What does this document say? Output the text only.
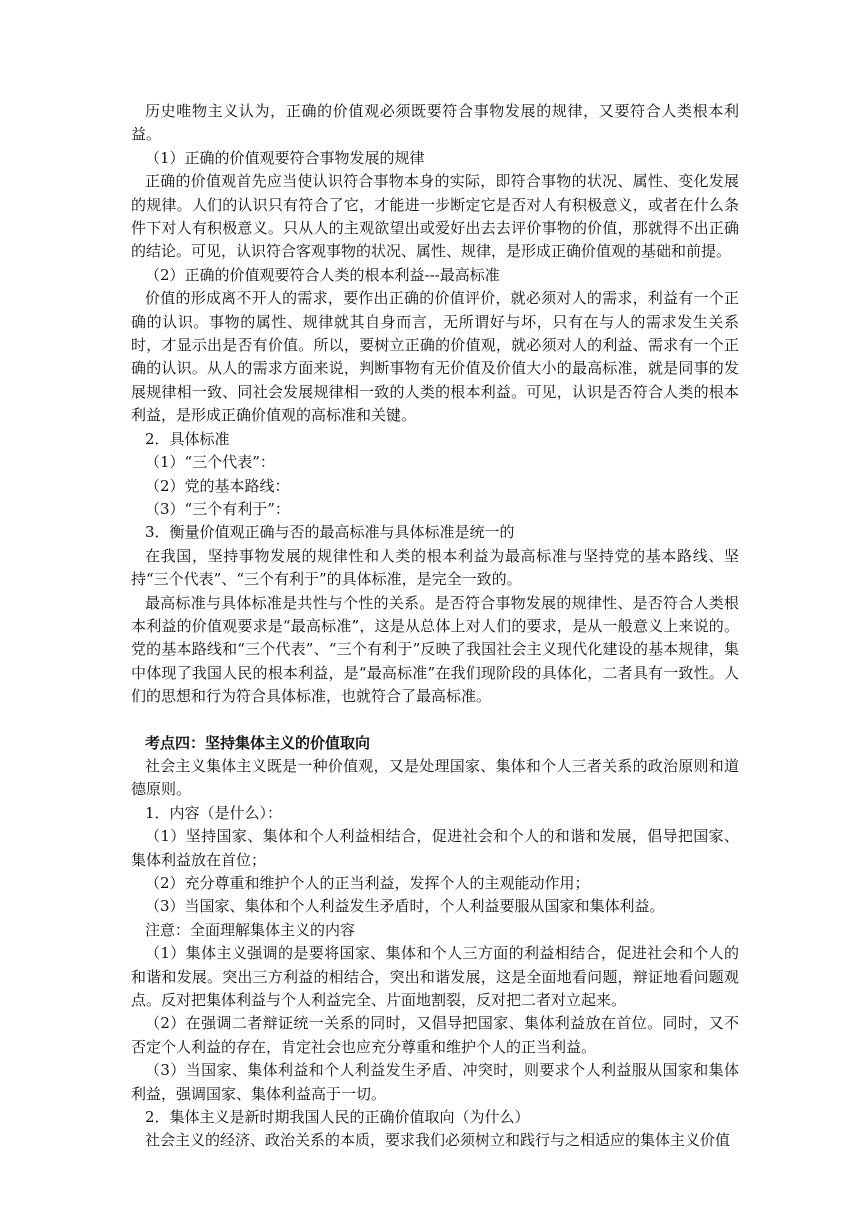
历史唯物主义认为，正确的价值观必须既要符合事物发展的规律，又要符合人类根本利益。

（1）正确的价值观要符合事物发展的规律

正确的价值观首先应当使认识符合事物本身的实际，即符合事物的状况、属性、变化发展的规律。人们的认识只有符合了它，才能进一步断定它是否对人有积极意义，或者在什么条件下对人有积极意义。只从人的主观欲望出或爱好出去去评价事物的价值，那就得不出正确的结论。可见，认识符合客观事物的状况、属性、规律，是形成正确价值观的基础和前提。

（2）正确的价值观要符合人类的根本利益---最高标准

价值的形成离不开人的需求，要作出正确的价值评价，就必须对人的需求，利益有一个正确的认识。事物的属性、规律就其自身而言，无所谓好与坏，只有在与人的需求发生关系时，才显示出是否有价值。所以，要树立正确的价值观，就必须对人的利益、需求有一个正确的认识。从人的需求方面来说，判断事物有无价值及价值大小的最高标准，就是同事的发展规律相一致、同社会发展规律相一致的人类的根本利益。可见，认识是否符合人类的根本利益，是形成正确价值观的高标准和关键。

2．具体标准

（1）“三个代表”：

（2）党的基本路线：

（3）“三个有利于”：

3．衡量价值观正确与否的最高标准与具体标准是统一的

在我国，坚持事物发展的规律性和人类的根本利益为最高标准与坚持党的基本路线、坚持“三个代表”、“三个有利于”的具体标准，是完全一致的。

最高标准与具体标准是共性与个性的关系。是否符合事物发展的规律性、是否符合人类根本利益的价值观要求是“最高标准”，这是从总体上对人们的要求，是从一般意义上来说的。党的基本路线和“三个代表”、“三个有利于”反映了我国社会主义现代化建设的基本规律，集中体现了我国人民的根本利益，是“最高标准”在我们现阶段的具体化，二者具有一致性。人们的思想和行为符合具体标准，也就符合了最高标准。

考点四：坚持集体主义的价值取向

社会主义集体主义既是一种价值观，又是处理国家、集体和个人三者关系的政治原则和道德原则。

1．内容（是什么）：

（1）坚持国家、集体和个人利益相结合，促进社会和个人的和谐和发展，倡导把国家、集体利益放在首位；

（2）充分尊重和维护个人的正当利益，发挥个人的主观能动作用；

（3）当国家、集体和个人利益发生矛盾时，个人利益要服从国家和集体利益。

注意：全面理解集体主义的内容

（1）集体主义强调的是要将国家、集体和个人三方面的利益相结合，促进社会和个人的和谐和发展。突出三方利益的相结合，突出和谐发展，这是全面地看问题，辩证地看问题观点。反对把集体利益与个人利益完全、片面地割裂，反对把二者对立起来。

（2）在强调二者辩证统一关系的同时，又倡导把国家、集体利益放在首位。同时，又不否定个人利益的存在，肯定社会也应充分尊重和维护个人的正当利益。

（3）当国家、集体利益和个人利益发生矛盾、冲突时，则要求个人利益服从国家和集体利益，强调国家、集体利益高于一切。

2．集体主义是新时期我国人民的正确价值取向（为什么）

社会主义的经济、政治关系的本质，要求我们必须树立和践行与之相适应的集体主义价值
